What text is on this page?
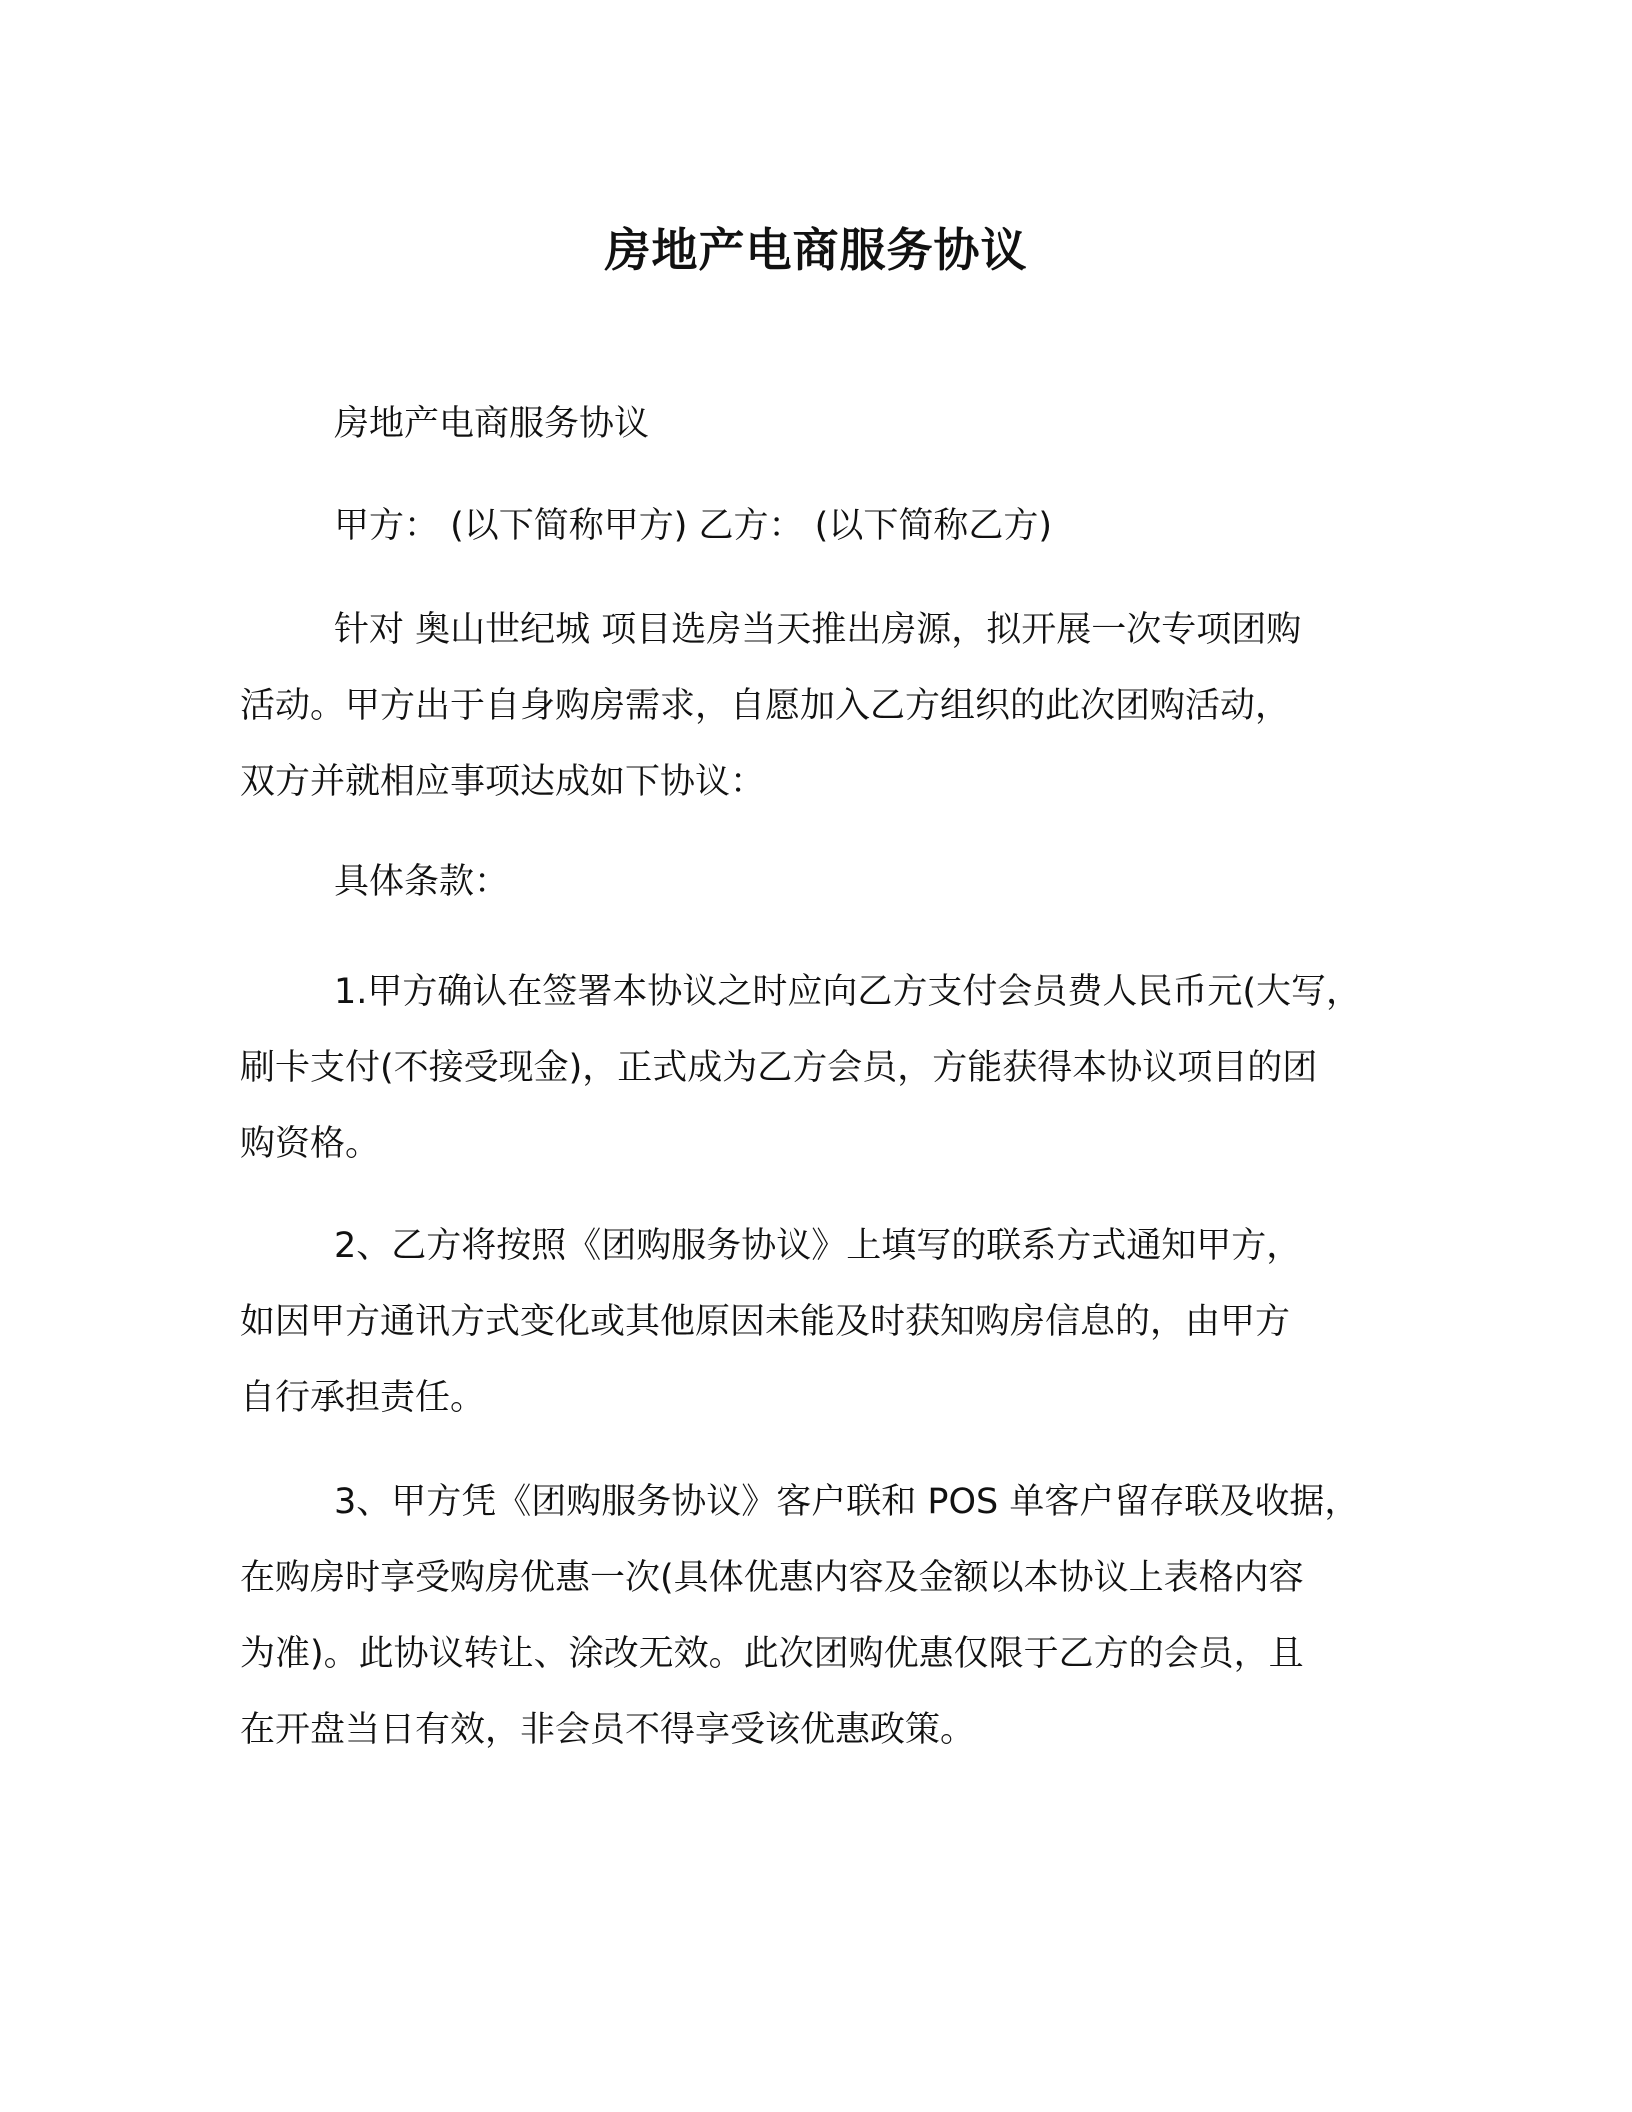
房地产电商服务协议

房地产电商服务协议

甲方： (以下简称甲方) 乙方： (以下简称乙方)

针对 奥山世纪城 项目选房当天推出房源，拟开展一次专项团购
活动。甲方出于自身购房需求，自愿加入乙方组织的此次团购活动，
双方并就相应事项达成如下协议：

具体条款：

1.甲方确认在签署本协议之时应向乙方支付会员费人民币元(大写，
刷卡支付(不接受现金)，正式成为乙方会员，方能获得本协议项目的团
购资格。

2、乙方将按照《团购服务协议》上填写的联系方式通知甲方，
如因甲方通讯方式变化或其他原因未能及时获知购房信息的，由甲方
自行承担责任。

3、甲方凭《团购服务协议》客户联和 POS 单客户留存联及收据，
在购房时享受购房优惠一次(具体优惠内容及金额以本协议上表格内容
为准)。此协议转让、涂改无效。此次团购优惠仅限于乙方的会员，且
在开盘当日有效，非会员不得享受该优惠政策。
